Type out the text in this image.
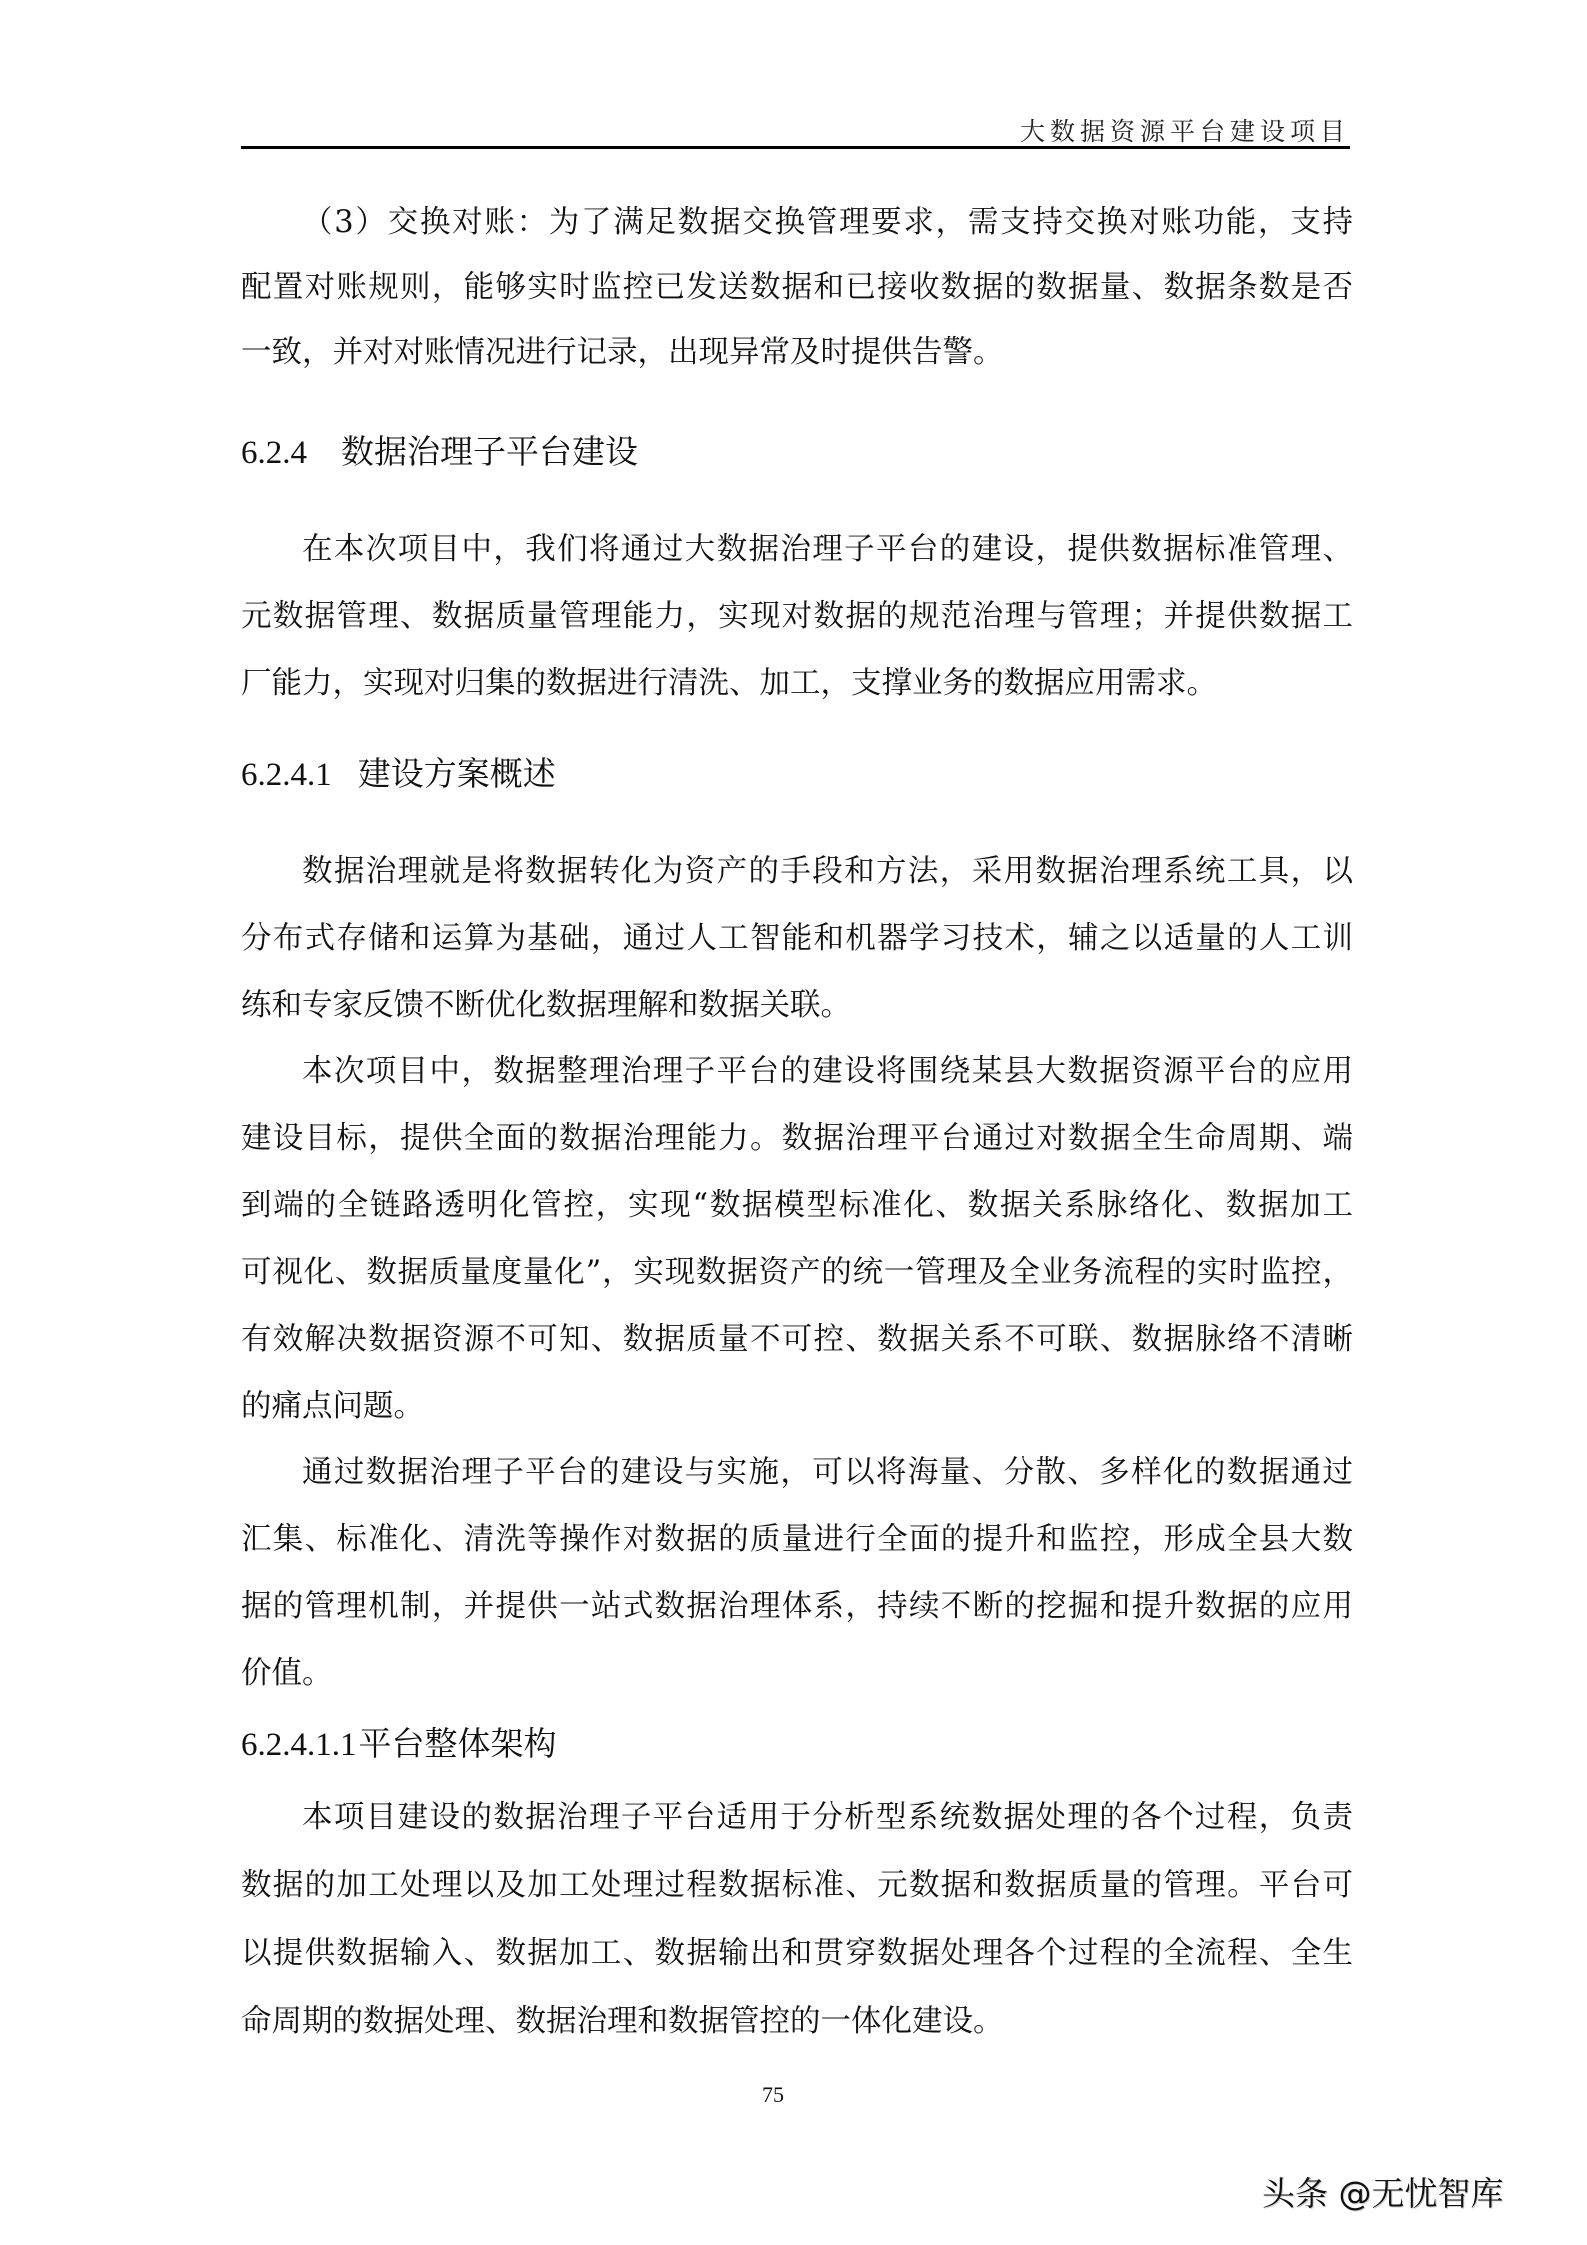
大数据资源平台建设项目
（3）交换对账：为了满足数据交换管理要求，需支持交换对账功能，支持
配置对账规则，能够实时监控已发送数据和已接收数据的数据量、数据条数是否
一致，并对对账情况进行记录，出现异常及时提供告警。
6.2.4 数据治理子平台建设
在本次项目中，我们将通过大数据治理子平台的建设，提供数据标准管理、
元数据管理、数据质量管理能力，实现对数据的规范治理与管理；并提供数据工
厂能力，实现对归集的数据进行清洗、加工，支撑业务的数据应用需求。
6.2.4.1 建设方案概述
数据治理就是将数据转化为资产的手段和方法，采用数据治理系统工具，以
分布式存储和运算为基础，通过人工智能和机器学习技术，辅之以适量的人工训
练和专家反馈不断优化数据理解和数据关联。
本次项目中，数据整理治理子平台的建设将围绕某县大数据资源平台的应用
建设目标，提供全面的数据治理能力。数据治理平台通过对数据全生命周期、端
到端的全链路透明化管控，实现“数据模型标准化、数据关系脉络化、数据加工
可视化、数据质量度量化”，实现数据资产的统一管理及全业务流程的实时监控，
有效解决数据资源不可知、数据质量不可控、数据关系不可联、数据脉络不清晰
的痛点问题。
通过数据治理子平台的建设与实施，可以将海量、分散、多样化的数据通过
汇集、标准化、清洗等操作对数据的质量进行全面的提升和监控，形成全县大数
据的管理机制，并提供一站式数据治理体系，持续不断的挖掘和提升数据的应用
价值。
6.2.4.1.1平台整体架构
本项目建设的数据治理子平台适用于分析型系统数据处理的各个过程，负责
数据的加工处理以及加工处理过程数据标准、元数据和数据质量的管理。平台可
以提供数据输入、数据加工、数据输出和贯穿数据处理各个过程的全流程、全生
命周期的数据处理、数据治理和数据管控的一体化建设。
75
头条 @无忧智库
